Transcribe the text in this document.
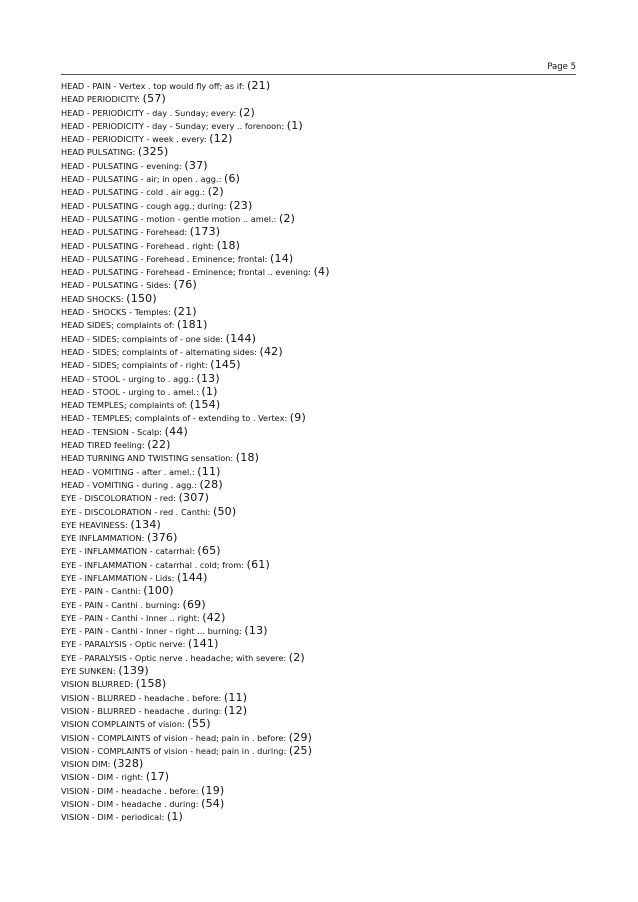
Page 5
HEAD - PAIN - Vertex . top would fly off; as if: (21)
HEAD PERIODICITY: (57)
HEAD - PERIODICITY - day . Sunday; every: (2)
HEAD - PERIODICITY - day - Sunday; every .. forenoon: (1)
HEAD - PERIODICITY - week . every: (12)
HEAD PULSATING: (325)
HEAD - PULSATING - evening: (37)
HEAD - PULSATING - air; in open . agg.: (6)
HEAD - PULSATING - cold . air agg.: (2)
HEAD - PULSATING - cough agg.; during: (23)
HEAD - PULSATING - motion - gentle motion .. amel.: (2)
HEAD - PULSATING - Forehead: (173)
HEAD - PULSATING - Forehead . right: (18)
HEAD - PULSATING - Forehead . Eminence; frontal: (14)
HEAD - PULSATING - Forehead - Eminence; frontal .. evening: (4)
HEAD - PULSATING - Sides: (76)
HEAD SHOCKS: (150)
HEAD - SHOCKS - Temples: (21)
HEAD SIDES; complaints of: (181)
HEAD - SIDES; complaints of - one side: (144)
HEAD - SIDES; complaints of - alternating sides: (42)
HEAD - SIDES; complaints of - right: (145)
HEAD - STOOL - urging to . agg.: (13)
HEAD - STOOL - urging to . amel.: (1)
HEAD TEMPLES; complaints of: (154)
HEAD - TEMPLES; complaints of - extending to . Vertex: (9)
HEAD - TENSION - Scalp: (44)
HEAD TIRED feeling: (22)
HEAD TURNING AND TWISTING sensation: (18)
HEAD - VOMITING - after . amel.: (11)
HEAD - VOMITING - during . agg.: (28)
EYE - DISCOLORATION - red: (307)
EYE - DISCOLORATION - red . Canthi: (50)
EYE HEAVINESS: (134)
EYE INFLAMMATION: (376)
EYE - INFLAMMATION - catarrhal: (65)
EYE - INFLAMMATION - catarrhal . cold; from: (61)
EYE - INFLAMMATION - Lids: (144)
EYE - PAIN - Canthi: (100)
EYE - PAIN - Canthi . burning: (69)
EYE - PAIN - Canthi - Inner .. right: (42)
EYE - PAIN - Canthi - Inner - right ... burning: (13)
EYE - PARALYSIS - Optic nerve: (141)
EYE - PARALYSIS - Optic nerve . headache; with severe: (2)
EYE SUNKEN: (139)
VISION BLURRED: (158)
VISION - BLURRED - headache . before: (11)
VISION - BLURRED - headache . during: (12)
VISION COMPLAINTS of vision: (55)
VISION - COMPLAINTS of vision - head; pain in . before: (29)
VISION - COMPLAINTS of vision - head; pain in . during: (25)
VISION DIM: (328)
VISION - DIM - right: (17)
VISION - DIM - headache . before: (19)
VISION - DIM - headache . during: (54)
VISION - DIM - periodical: (1)
